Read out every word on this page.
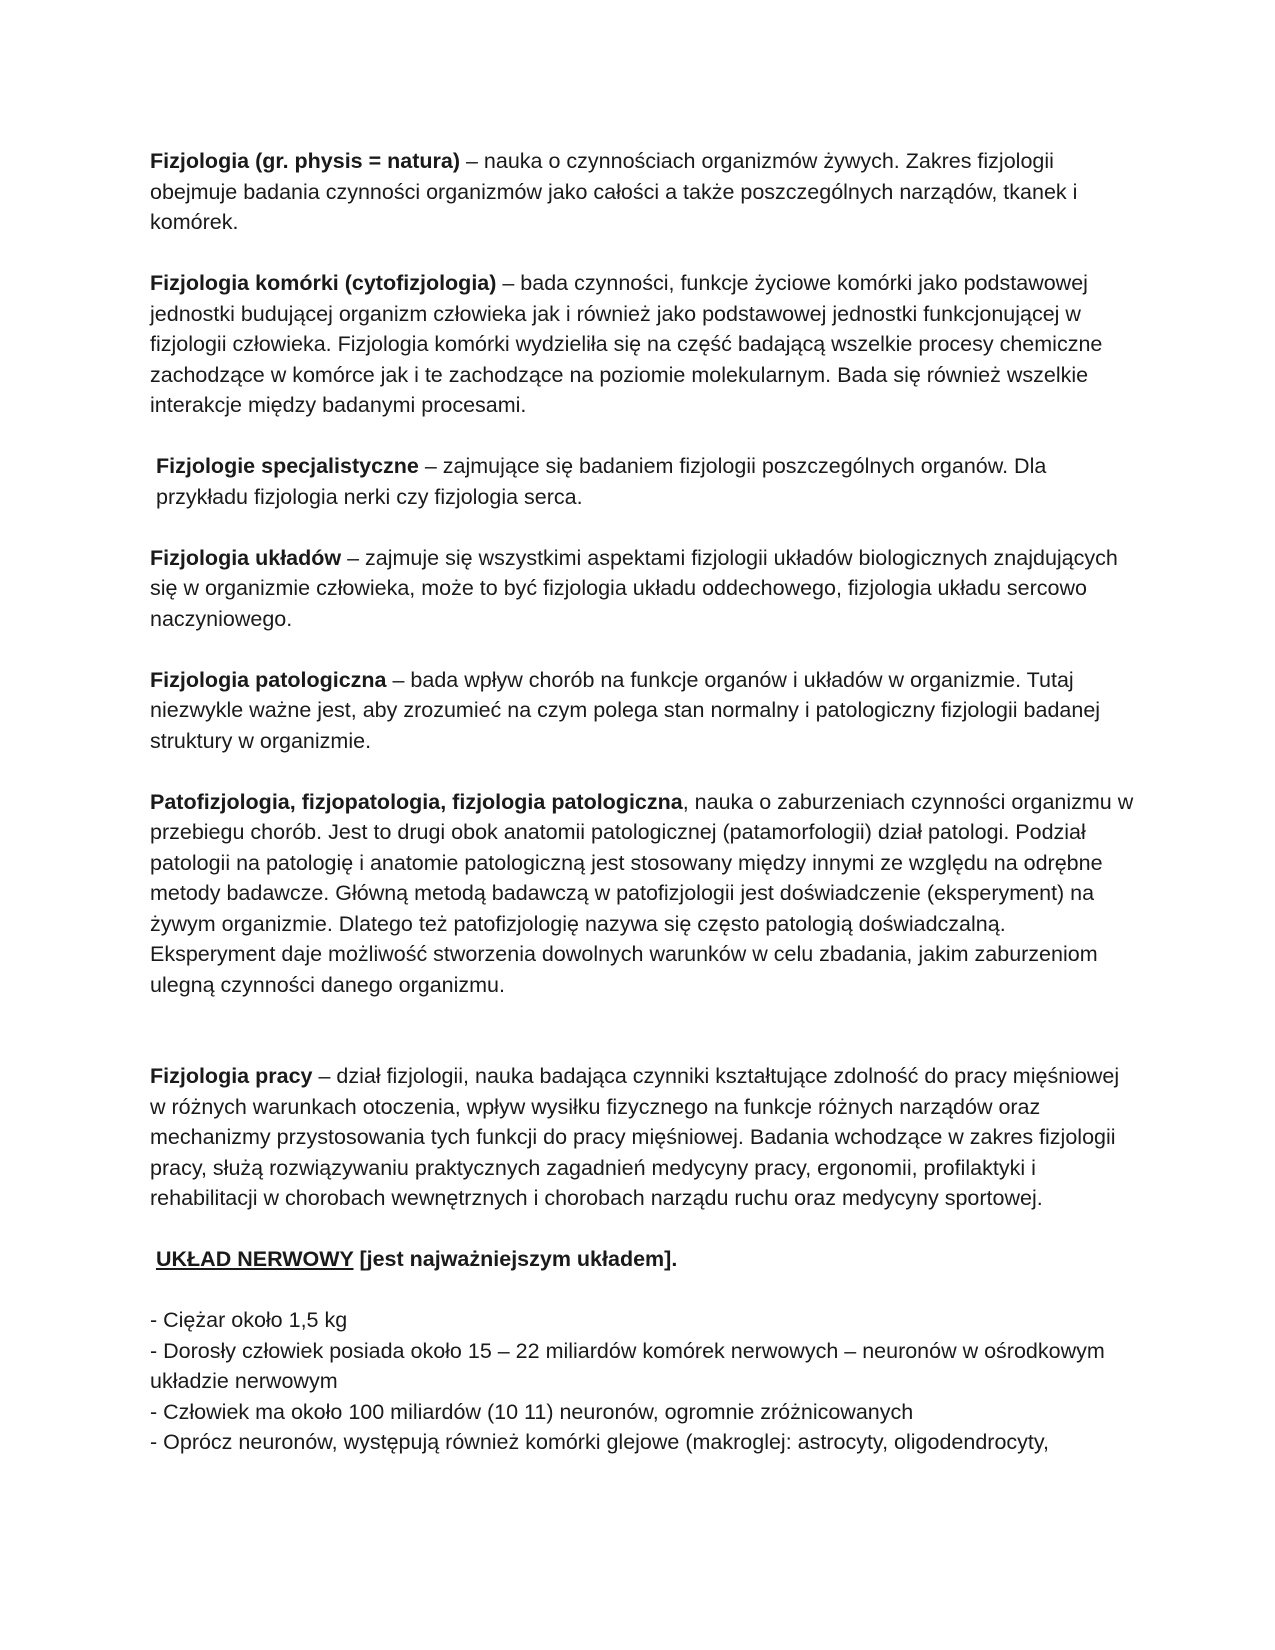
Fizjologia (gr. physis = natura) – nauka o czynnościach organizmów żywych. Zakres fizjologii obejmuje badania czynności organizmów jako całości a także poszczególnych narządów, tkanek i komórek.

Fizjologia komórki (cytofizjologia) – bada czynności, funkcje życiowe komórki jako podstawowej jednostki budującej organizm człowieka jak i również jako podstawowej jednostki funkcjonującej w fizjologii człowieka. Fizjologia komórki wydzieliła się na część badającą wszelkie procesy chemiczne zachodzące w komórce jak i te zachodzące na poziomie molekularnym. Bada się również wszelkie interakcje między badanymi procesami.

Fizjologie specjalistyczne – zajmujące się badaniem fizjologii poszczególnych organów. Dla przykładu fizjologia nerki czy fizjologia serca.

Fizjologia układów – zajmuje się wszystkimi aspektami fizjologii układów biologicznych znajdujących się w organizmie człowieka, może to być fizjologia układu oddechowego, fizjologia układu sercowo naczyniowego.

Fizjologia patologiczna – bada wpływ chorób na funkcje organów i układów w organizmie. Tutaj niezwykle ważne jest, aby zrozumieć na czym polega stan normalny i patologiczny fizjologii badanej struktury w organizmie.

Patofizjologia, fizjopatologia, fizjologia patologiczna, nauka o zaburzeniach czynności organizmu w przebiegu chorób. Jest to drugi obok anatomii patologicznej (patamorfologii) dział patologi. Podział patologii na patologię i anatomie patologiczną jest stosowany między innymi ze względu na odrębne metody badawcze. Główną metodą badawczą w patofizjologii jest doświadczenie (eksperyment) na żywym organizmie. Dlatego też patofizjologię nazywa się często patologią doświadczalną. Eksperyment daje możliwość stworzenia dowolnych warunków w celu zbadania, jakim zaburzeniom ulegną czynności danego organizmu.

Fizjologia pracy – dział fizjologii, nauka badająca czynniki kształtujące zdolność do pracy mięśniowej w różnych warunkach otoczenia, wpływ wysiłku fizycznego na funkcje różnych narządów oraz mechanizmy przystosowania tych funkcji do pracy mięśniowej. Badania wchodzące w zakres fizjologii pracy, służą rozwiązywaniu praktycznych zagadnień medycyny pracy, ergonomii, profilaktyki i rehabilitacji w chorobach wewnętrznych i chorobach narządu ruchu oraz medycyny sportowej.

UKŁAD NERWOWY [jest najważniejszym układem].

- Ciężar około 1,5 kg

- Dorosły człowiek posiada około 15 – 22 miliardów komórek nerwowych – neuronów w ośrodkowym układzie nerwowym

- Człowiek ma około 100 miliardów (10 11) neuronów, ogromnie zróżnicowanych

- Oprócz neuronów, występują również komórki glejowe (makroglej: astrocyty, oligodendrocyty,
